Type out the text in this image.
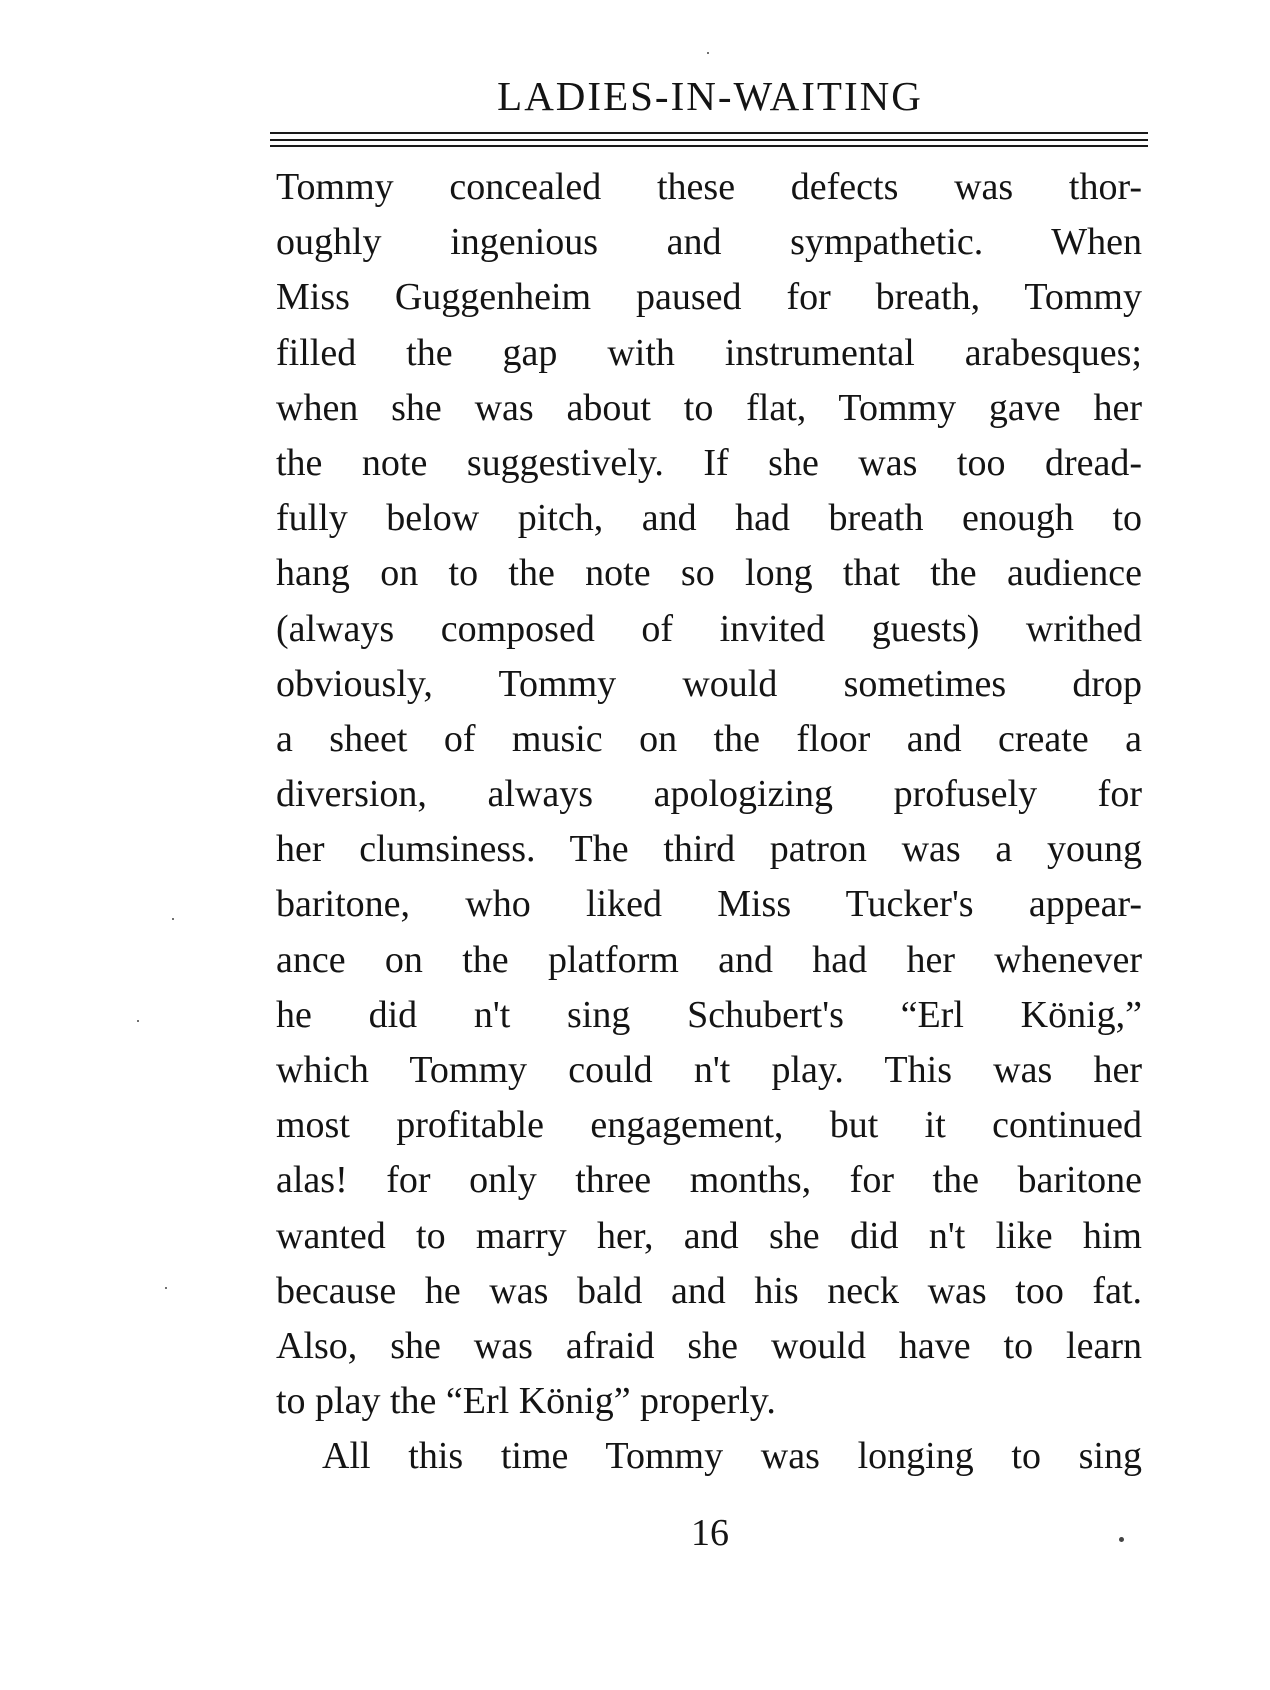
LADIES-IN-WAITING
Tommy concealed these defects was thor-
oughly ingenious and sympathetic. When
Miss Guggenheim paused for breath, Tommy
filled the gap with instrumental arabesques;
when she was about to flat, Tommy gave her
the note suggestively. If she was too dread-
fully below pitch, and had breath enough to
hang on to the note so long that the audience
(always composed of invited guests) writhed
obviously, Tommy would sometimes drop
a sheet of music on the floor and create a
diversion, always apologizing profusely for
her clumsiness. The third patron was a young
baritone, who liked Miss Tucker's appear-
ance on the platform and had her whenever
he did n't sing Schubert's “Erl König,”
which Tommy could n't play. This was her
most profitable engagement, but it continued
alas! for only three months, for the baritone
wanted to marry her, and she did n't like him
because he was bald and his neck was too fat.
Also, she was afraid she would have to learn
to play the “Erl König” properly.
All this time Tommy was longing to sing
16
